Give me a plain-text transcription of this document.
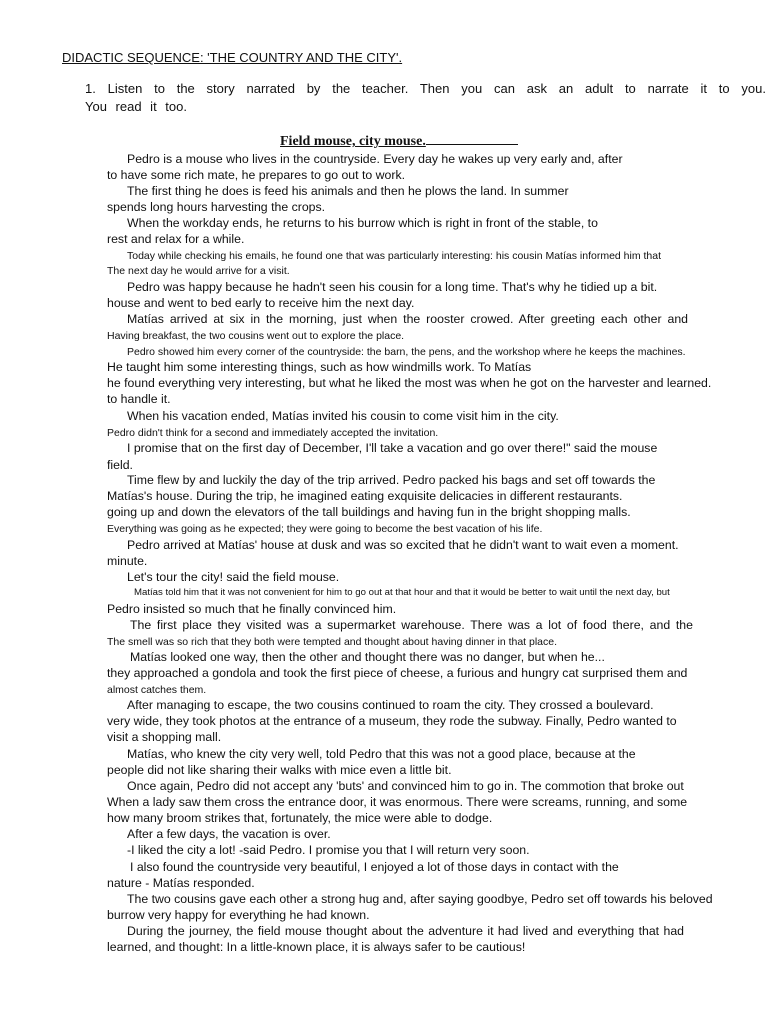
DIDACTIC SEQUENCE: 'THE COUNTRY AND THE CITY'.

1. Listen to the story narrated by the teacher. Then you can ask an adult to narrate it to you.
You read it too.

Field mouse, city mouse.

Pedro is a mouse who lives in the countryside. Every day he wakes up very early and, after

to have some rich mate, he prepares to go out to work.

The first thing he does is feed his animals and then he plows the land. In summer

spends long hours harvesting the crops.

When the workday ends, he returns to his burrow which is right in front of the stable, to

rest and relax for a while.

Today while checking his emails, he found one that was particularly interesting: his cousin Matías informed him that

The next day he would arrive for a visit.

Pedro was happy because he hadn't seen his cousin for a long time. That's why he tidied up a bit.

house and went to bed early to receive him the next day.

Matías arrived at six in the morning, just when the rooster crowed. After greeting each other and

Having breakfast, the two cousins went out to explore the place.

Pedro showed him every corner of the countryside: the barn, the pens, and the workshop where he keeps the machines.

He taught him some interesting things, such as how windmills work. To Matías

he found everything very interesting, but what he liked the most was when he got on the harvester and learned.

to handle it.

When his vacation ended, Matías invited his cousin to come visit him in the city.

Pedro didn't think for a second and immediately accepted the invitation.

I promise that on the first day of December, I'll take a vacation and go over there!" said the mouse

field.

Time flew by and luckily the day of the trip arrived. Pedro packed his bags and set off towards the

Matías's house. During the trip, he imagined eating exquisite delicacies in different restaurants.

going up and down the elevators of the tall buildings and having fun in the bright shopping malls.

Everything was going as he expected; they were going to become the best vacation of his life.

Pedro arrived at Matías' house at dusk and was so excited that he didn't want to wait even a moment.

minute.

Let's tour the city! said the field mouse.

Matías told him that it was not convenient for him to go out at that hour and that it would be better to wait until the next day, but

Pedro insisted so much that he finally convinced him.

The first place they visited was a supermarket warehouse. There was a lot of food there, and the

The smell was so rich that they both were tempted and thought about having dinner in that place.

Matías looked one way, then the other and thought there was no danger, but when he...

they approached a gondola and took the first piece of cheese, a furious and hungry cat surprised them and

almost catches them.

After managing to escape, the two cousins continued to roam the city. They crossed a boulevard.

very wide, they took photos at the entrance of a museum, they rode the subway. Finally, Pedro wanted to

visit a shopping mall.

Matías, who knew the city very well, told Pedro that this was not a good place, because at the

people did not like sharing their walks with mice even a little bit.

Once again, Pedro did not accept any 'buts' and convinced him to go in. The commotion that broke out

When a lady saw them cross the entrance door, it was enormous. There were screams, running, and some

how many broom strikes that, fortunately, the mice were able to dodge.

After a few days, the vacation is over.

-I liked the city a lot! -said Pedro. I promise you that I will return very soon.

I also found the countryside very beautiful, I enjoyed a lot of those days in contact with the

nature - Matías responded.

The two cousins gave each other a strong hug and, after saying goodbye, Pedro set off towards his beloved

burrow very happy for everything he had known.

During the journey, the field mouse thought about the adventure it had lived and everything that had

learned, and thought: In a little-known place, it is always safer to be cautious!
